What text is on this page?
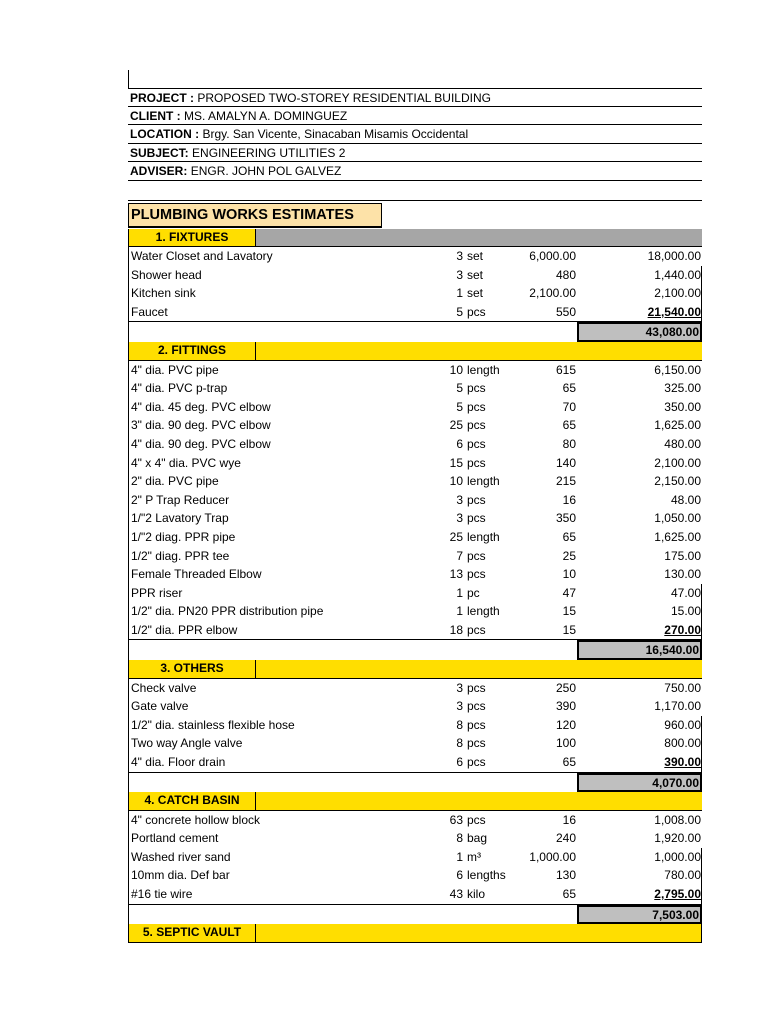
PROJECT : PROPOSED TWO-STOREY RESIDENTIAL BUILDING
CLIENT : MS. AMALYN A. DOMINGUEZ
LOCATION : Brgy. San Vicente, Sinacaban Misamis Occidental
SUBJECT: ENGINEERING UTILITIES 2
ADVISER: ENGR. JOHN POL GALVEZ
PLUMBING WORKS ESTIMATES
1. FIXTURES
Water Closet and Lavatory	3 set	6,000.00	18,000.00
Shower head	3 set	480	1,440.00
Kitchen sink	1 set	2,100.00	2,100.00
Faucet	5 pcs	550	21,540.00
43,080.00
2. FITTINGS
4" dia. PVC pipe	10 length	615	6,150.00
4" dia. PVC p-trap	5 pcs	65	325.00
4" dia. 45 deg. PVC elbow	5 pcs	70	350.00
3" dia. 90 deg. PVC elbow	25 pcs	65	1,625.00
4" dia. 90 deg. PVC elbow	6 pcs	80	480.00
4" x 4" dia. PVC wye	15 pcs	140	2,100.00
2" dia. PVC pipe	10 length	215	2,150.00
2" P Trap Reducer	3 pcs	16	48.00
1/"2 Lavatory Trap	3 pcs	350	1,050.00
1/"2 diag. PPR pipe	25 length	65	1,625.00
1/2" diag. PPR tee	7 pcs	25	175.00
Female Threaded Elbow	13 pcs	10	130.00
PPR riser	1 pc	47	47.00
1/2" dia. PN20 PPR distribution pipe	1 length	15	15.00
1/2" dia. PPR elbow	18 pcs	15	270.00
16,540.00
3. OTHERS
Check valve	3 pcs	250	750.00
Gate valve	3 pcs	390	1,170.00
1/2" dia. stainless flexible hose	8 pcs	120	960.00
Two way Angle valve	8 pcs	100	800.00
4" dia. Floor drain	6 pcs	65	390.00
4,070.00
4. CATCH BASIN
4" concrete hollow block	63 pcs	16	1,008.00
Portland cement	8 bag	240	1,920.00
Washed river sand	1 m³	1,000.00	1,000.00
10mm dia. Def bar	6 lengths	130	780.00
#16 tie wire	43 kilo	65	2,795.00
7,503.00
5. SEPTIC VAULT
